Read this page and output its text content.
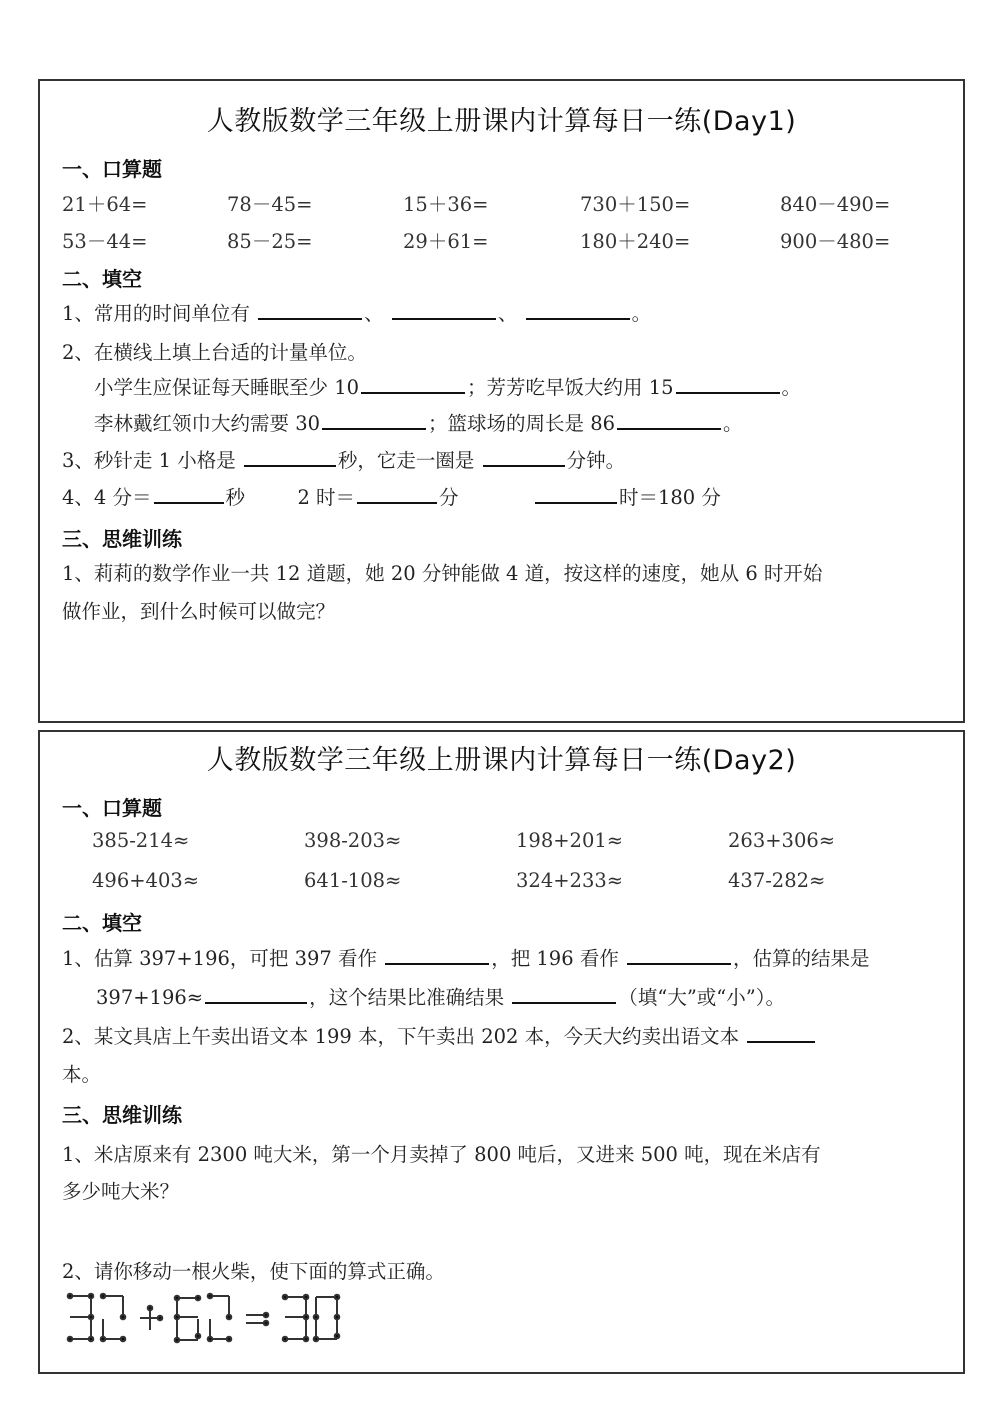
人教版数学三年级上册课内计算每日一练(Day1)
一、口算题
21＋64=	78－45=	15＋36=	730＋150=	840－490=
53－44=	85－25=	29＋61=	180＋240=	900－480=
二、填空
1、常用的时间单位有	、	、	。
2、在横线上填上台适的计量单位。
小学生应保证每天睡眠至少 10	；芳芳吃早饭大约用 15	。
李林戴红领巾大约需要 30	；篮球场的周长是 86	。
3、秒针走 1 小格是	秒，它走一圈是	分钟。
4、4 分＝	秒	2 时＝	分	时＝180 分
三、思维训练
1、莉莉的数学作业一共 12 道题，她 20 分钟能做 4 道，按这样的速度，她从 6 时开始
做作业，到什么时候可以做完？
人教版数学三年级上册课内计算每日一练(Day2)
一、口算题
385-214≈	398-203≈	198+201≈	263+306≈
496+403≈	641-108≈	324+233≈	437-282≈
二、填空
1、估算 397+196，可把 397 看作	，把 196 看作	，估算的结果是
397+196≈	，这个结果比准确结果	（填“大”或“小”）。
2、某文具店上午卖出语文本 199 本，下午卖出 202 本，今天大约卖出语文本
本。
三、思维训练
1、米店原来有 2300 吨大米，第一个月卖掉了 800 吨后，又进来 500 吨，现在米店有
多少吨大米？
2、请你移动一根火柴，使下面的算式正确。
